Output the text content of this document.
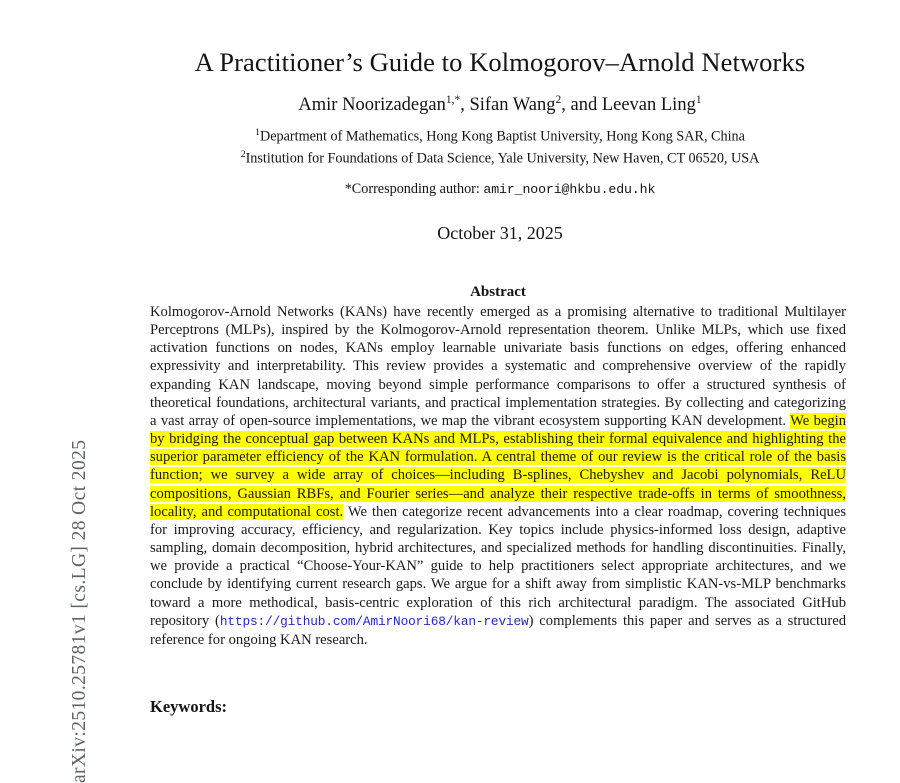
arXiv:2510.25781v1 [cs.LG] 28 Oct 2025
A Practitioner’s Guide to Kolmogorov–Arnold Networks
Amir Noorizadegan$^{1,*}$, Sifan Wang$^2$, and Leevan Ling$^1$
$^1$Department of Mathematics, Hong Kong Baptist University, Hong Kong SAR, China
$^2$Institution for Foundations of Data Science, Yale University, New Haven, CT 06520, USA
*Corresponding author: amir_noori@hkbu.edu.hk
October 31, 2025
Abstract
Kolmogorov-Arnold Networks (KANs) have recently emerged as a promising alternative to traditional Multilayer Perceptrons (MLPs), inspired by the Kolmogorov-Arnold representation theorem. Unlike MLPs, which use fixed activation functions on nodes, KANs employ learnable univariate basis functions on edges, offering enhanced expressivity and interpretability. This review provides a systematic and comprehensive overview of the rapidly expanding KAN landscape, moving beyond simple performance comparisons to offer a structured synthesis of theoretical foundations, architectural variants, and practical implementation strategies. By collecting and categorizing a vast array of open-source implementations, we map the vibrant ecosystem supporting KAN development. We begin by bridging the conceptual gap between KANs and MLPs, establishing their formal equivalence and highlighting the superior parameter efficiency of the KAN formulation. A central theme of our review is the critical role of the basis function; we survey a wide array of choices—including B-splines, Chebyshev and Jacobi polynomials, ReLU compositions, Gaussian RBFs, and Fourier series—and analyze their respective trade-offs in terms of smoothness, locality, and computational cost. We then categorize recent advancements into a clear roadmap, covering techniques for improving accuracy, efficiency, and regularization. Key topics include physics-informed loss design, adaptive sampling, domain decomposition, hybrid architectures, and specialized methods for handling discontinuities. Finally, we provide a practical “Choose-Your-KAN” guide to help practitioners select appropriate architectures, and we conclude by identifying current research gaps. We argue for a shift away from simplistic KAN-vs-MLP benchmarks toward a more methodical, basis-centric exploration of this rich architectural paradigm. The associated GitHub repository (https://github.com/AmirNoori68/kan-review) complements this paper and serves as a structured reference for ongoing KAN research.
Keywords:
